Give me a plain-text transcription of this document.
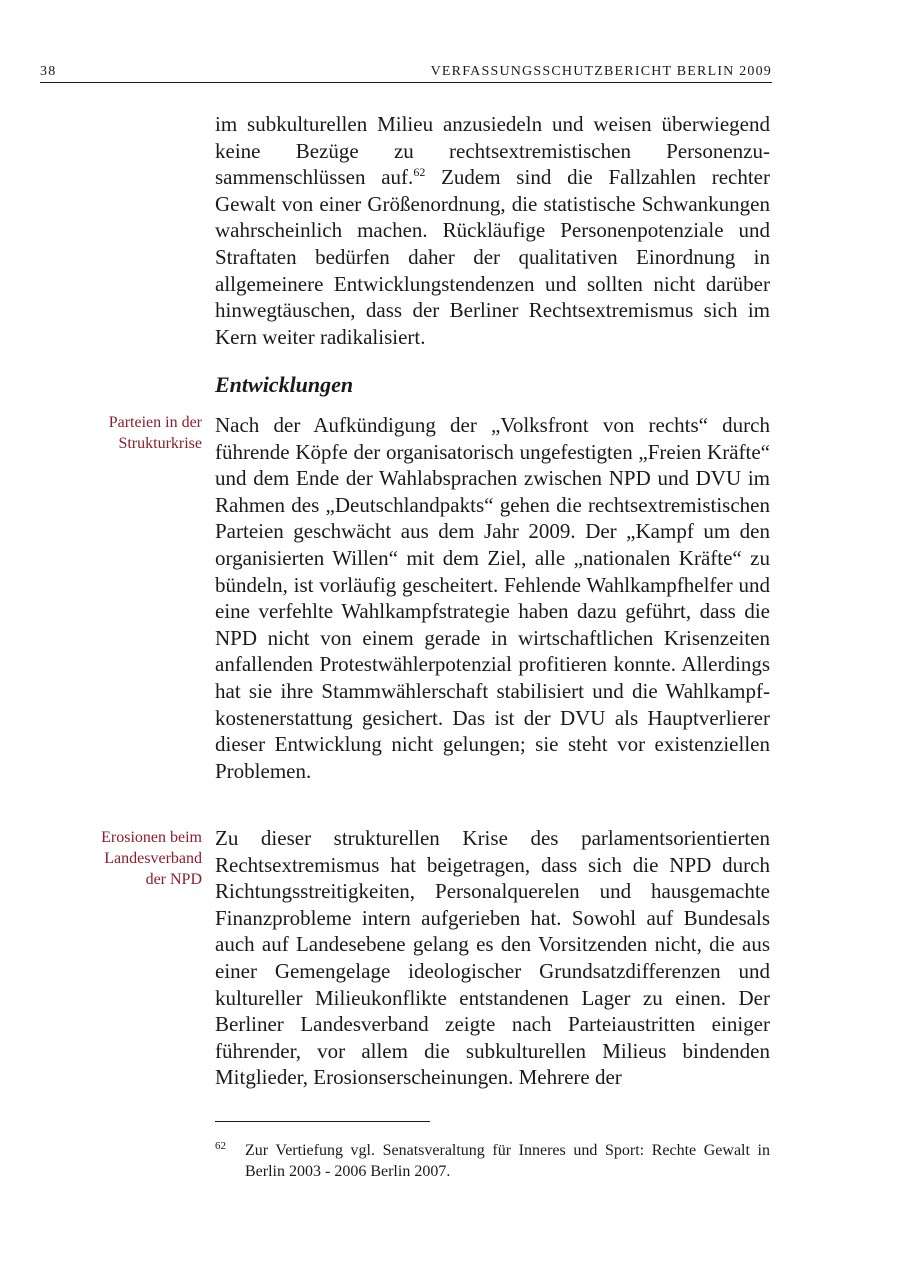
38	VERFASSUNGSSCHUTZBERICHT BERLIN 2009

im subkulturellen Milieu anzusiedeln und weisen überwiegend keine Bezüge zu rechtsextremistischen Personenzusammenschlüssen auf.$^{62}$ Zudem sind die Fallzahlen rechter Gewalt von einer Größenordnung, die statistische Schwankungen wahrscheinlich machen. Rückläufige Personenpotenziale und Straftaten bedürfen daher der qualitativen Einordnung in allgemeinere Entwicklungstendenzen und sollten nicht darüber hinwegtäuschen, dass der Berliner Rechtsextremismus sich im Kern weiter radikalisiert.

Entwicklungen
Parteien in der
Strukturkrise

Nach der Aufkündigung der „Volksfront von rechts“ durch führende Köpfe der organisatorisch ungefestigten „Freien Kräfte“ und dem Ende der Wahlabsprachen zwischen NPD und DVU im Rahmen des „Deutschlandpakts“ gehen die rechtsextremistischen Parteien geschwächt aus dem Jahr 2009. Der „Kampf um den organisierten Willen“ mit dem Ziel, alle „nationalen Kräfte“ zu bündeln, ist vorläufig gescheitert. Fehlende Wahlkampfhelfer und eine verfehlte Wahlkampfstrategie haben dazu geführt, dass die NPD nicht von einem gerade in wirtschaftlichen Krisenzeiten anfallenden Protestwählerpotenzial profitieren konnte. Allerdings hat sie ihre Stammwählerschaft stabilisiert und die Wahlkampfkostenerstattung gesichert. Das ist der DVU als Hauptverlierer dieser Entwicklung nicht gelungen; sie steht vor existenziellen Problemen.

Erosionen beim
Landesverband
der NPD

Zu dieser strukturellen Krise des parlamentsorientierten Rechtsextremismus hat beigetragen, dass sich die NPD durch Richtungsstreitigkeiten, Personalquerelen und hausgemachte Finanzprobleme intern aufgerieben hat. Sowohl auf Bundesals auch auf Landesebene gelang es den Vorsitzenden nicht, die aus einer Gemengelage ideologischer Grundsatzdifferenzen und kultureller Milieukonflikte entstandenen Lager zu einen. Der Berliner Landesverband zeigte nach Parteiaustritten einiger führender, vor allem die subkulturellen Milieus bindenden Mitglieder, Erosionserscheinungen. Mehrere der

62 Zur Vertiefung vgl. Senatsveraltung für Inneres und Sport: Rechte Gewalt in Berlin 2003 - 2006 Berlin 2007.
